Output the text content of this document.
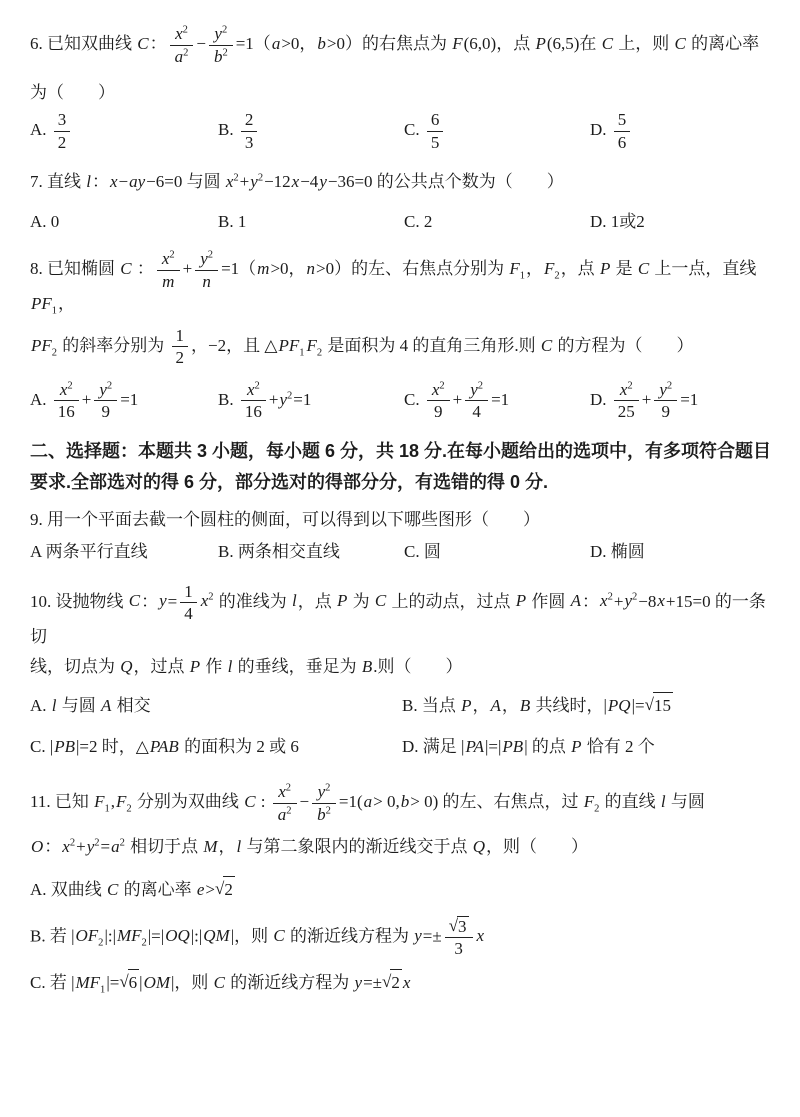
6. 已知双曲线 C： $\frac{x^2}{a^2} - \frac{y^2}{b^2} =1(a>0$，b>0）的右焦点为 F(6,0)，点 P(6,5)在 C 上，则 C 的离心率
为（　　）
A. $\frac{3}{2}$	B. $\frac{2}{3}$	C. $\frac{6}{5}$	D. $\frac{5}{6}$
7. 直线 l：x−ay−6=0 与圆 $x^2+y^2-12x-4y-36=0$ 的公共点个数为（　　）
A. 0	B. 1	C. 2	D. 1或2
8. 已知椭圆 C ： $\frac{x^2}{m} + \frac{y^2}{n} =1(m>0$，n>0）的左、右焦点分别为 $F_1$，$F_2$，点 P 是 C 上一点，直线 $PF_1$，
$PF_2$ 的斜率分别为 $\frac{1}{2}$ ，−2，且 $\triangle PF_1$ $F_2$ 是面积为 4 的直角三角形.则 C 的方程为（　　）
A. $\frac{x^2}{16} + \frac{y^2}{9} =1$	B. $\frac{x^2}{16} +y^2=1$	C. $\frac{x^2}{9} + \frac{y^2}{4} =1$	D. $\frac{x^2}{25} + \frac{y^2}{9} =1$
二、选择题：本题共 3 小题，每小题 6 分，共 18 分.在每小题给出的选项中，有多项符合题目
要求.全部选对的得 6 分，部分选对的得部分分，有选错的得 0 分.
9. 用一个平面去截一个圆柱的侧面，可以得到以下哪些图形（　　）
A 两条平行直线	B. 两条相交直线	C. 圆	D. 椭圆
10. 设抛物线 C：$y= \frac{1}{4} x^2$ 的准线为 l，点 P 为 C 上的动点，过点 P 作圆 A：$x^2+y^2-8x+15=0$ 的一条切
线，切点为 Q，过点 P 作 l 的垂线，垂足为 B.则（　　）
A. l 与圆 A 相交	B. 当点 P，A，B 共线时，|PQ|=√15
C. |PB|=2 时，△PAB 的面积为 2 或 6	D. 满足 |PA|=|PB| 的点 P 恰有 2 个
11. 已知 $F_1,F_2$ 分别为双曲线 C : $\frac{x^2}{a^2} - \frac{y^2}{b^2} =1(a> 0,b> 0)$ 的左、右焦点，过 $F_2$ 的直线 l 与圆
O：$x^2+y^2=a^2$ 相切于点 M，l 与第二象限内的渐近线交于点 Q，则（　　）
A. 双曲线 C 的离心率 e>√2
B. 若 $|OF_2|:|MF_2|=|OQ|:|QM|$，则 C 的渐近线方程为 $y=\pm \frac{√3}{3}$ x
C. 若 $|MF_1|=√6$ |OM|，则 C 的渐近线方程为 y=±√2 x
